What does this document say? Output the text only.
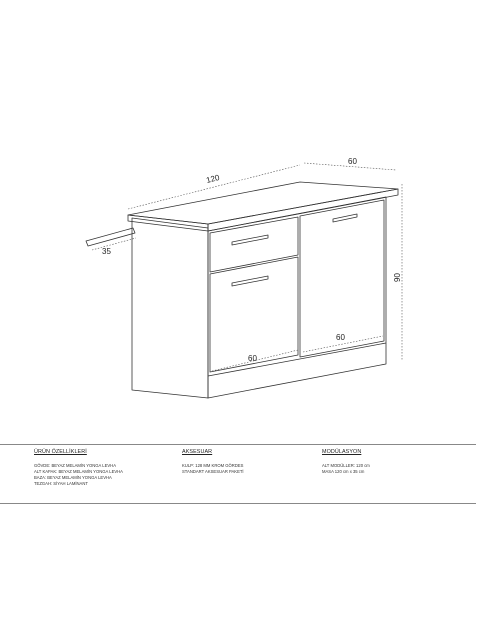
120
60
90
35
60
60
ÜRÜN ÖZELLİKLERİ
GÖVDE: BEYAZ MELAMİN YONGA LEVHA
ALT KAPAK: BEYAZ MELAMİN YONGA LEVHA
BAZA: BEYAZ MELAMİN YONGA LEVHA
TEZGAH: SİYAH LAMİNANT
AKSESUAR
KULP: 128 MM KROM GÖRDES
STANDART AKSESUAR PAKETİ
MODÜLASYON
ALT MODÜLLER: 120 cm
MASA 120 cm x 35 cm
